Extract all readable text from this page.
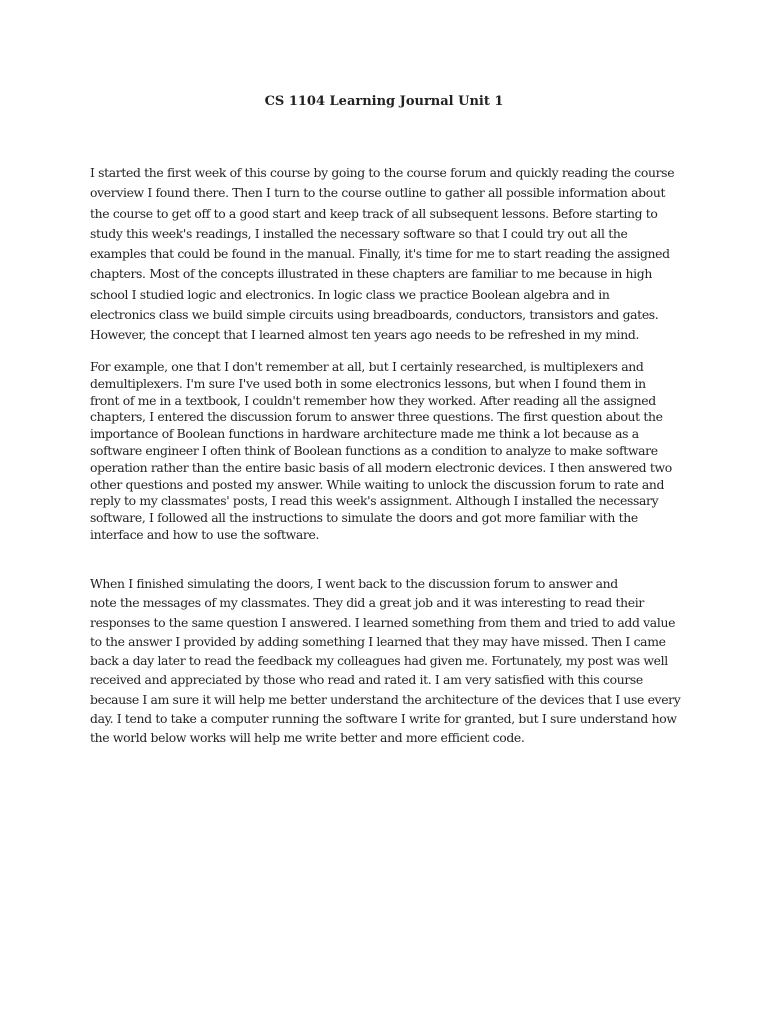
CS 1104 Learning Journal Unit 1

I started the first week of this course by going to the course forum and quickly reading the course
overview I found there. Then I turn to the course outline to gather all possible information about
the course to get off to a good start and keep track of all subsequent lessons. Before starting to
study this week's readings, I installed the necessary software so that I could try out all the
examples that could be found in the manual. Finally, it's time for me to start reading the assigned
chapters. Most of the concepts illustrated in these chapters are familiar to me because in high
school I studied logic and electronics. In logic class we practice Boolean algebra and in
electronics class we build simple circuits using breadboards, conductors, transistors and gates.
However, the concept that I learned almost ten years ago needs to be refreshed in my mind.

For example, one that I don't remember at all, but I certainly researched, is multiplexers and
demultiplexers. I'm sure I've used both in some electronics lessons, but when I found them in
front of me in a textbook, I couldn't remember how they worked. After reading all the assigned
chapters, I entered the discussion forum to answer three questions. The first question about the
importance of Boolean functions in hardware architecture made me think a lot because as a
software engineer I often think of Boolean functions as a condition to analyze to make software
operation rather than the entire basic basis of all modern electronic devices. I then answered two
other questions and posted my answer. While waiting to unlock the discussion forum to rate and
reply to my classmates' posts, I read this week's assignment. Although I installed the necessary
software, I followed all the instructions to simulate the doors and got more familiar with the
interface and how to use the software.

When I finished simulating the doors, I went back to the discussion forum to answer and
note the messages of my classmates. They did a great job and it was interesting to read their
responses to the same question I answered. I learned something from them and tried to add value
to the answer I provided by adding something I learned that they may have missed. Then I came
back a day later to read the feedback my colleagues had given me. Fortunately, my post was well
received and appreciated by those who read and rated it. I am very satisfied with this course
because I am sure it will help me better understand the architecture of the devices that I use every
day. I tend to take a computer running the software I write for granted, but I sure understand how
the world below works will help me write better and more efficient code.
